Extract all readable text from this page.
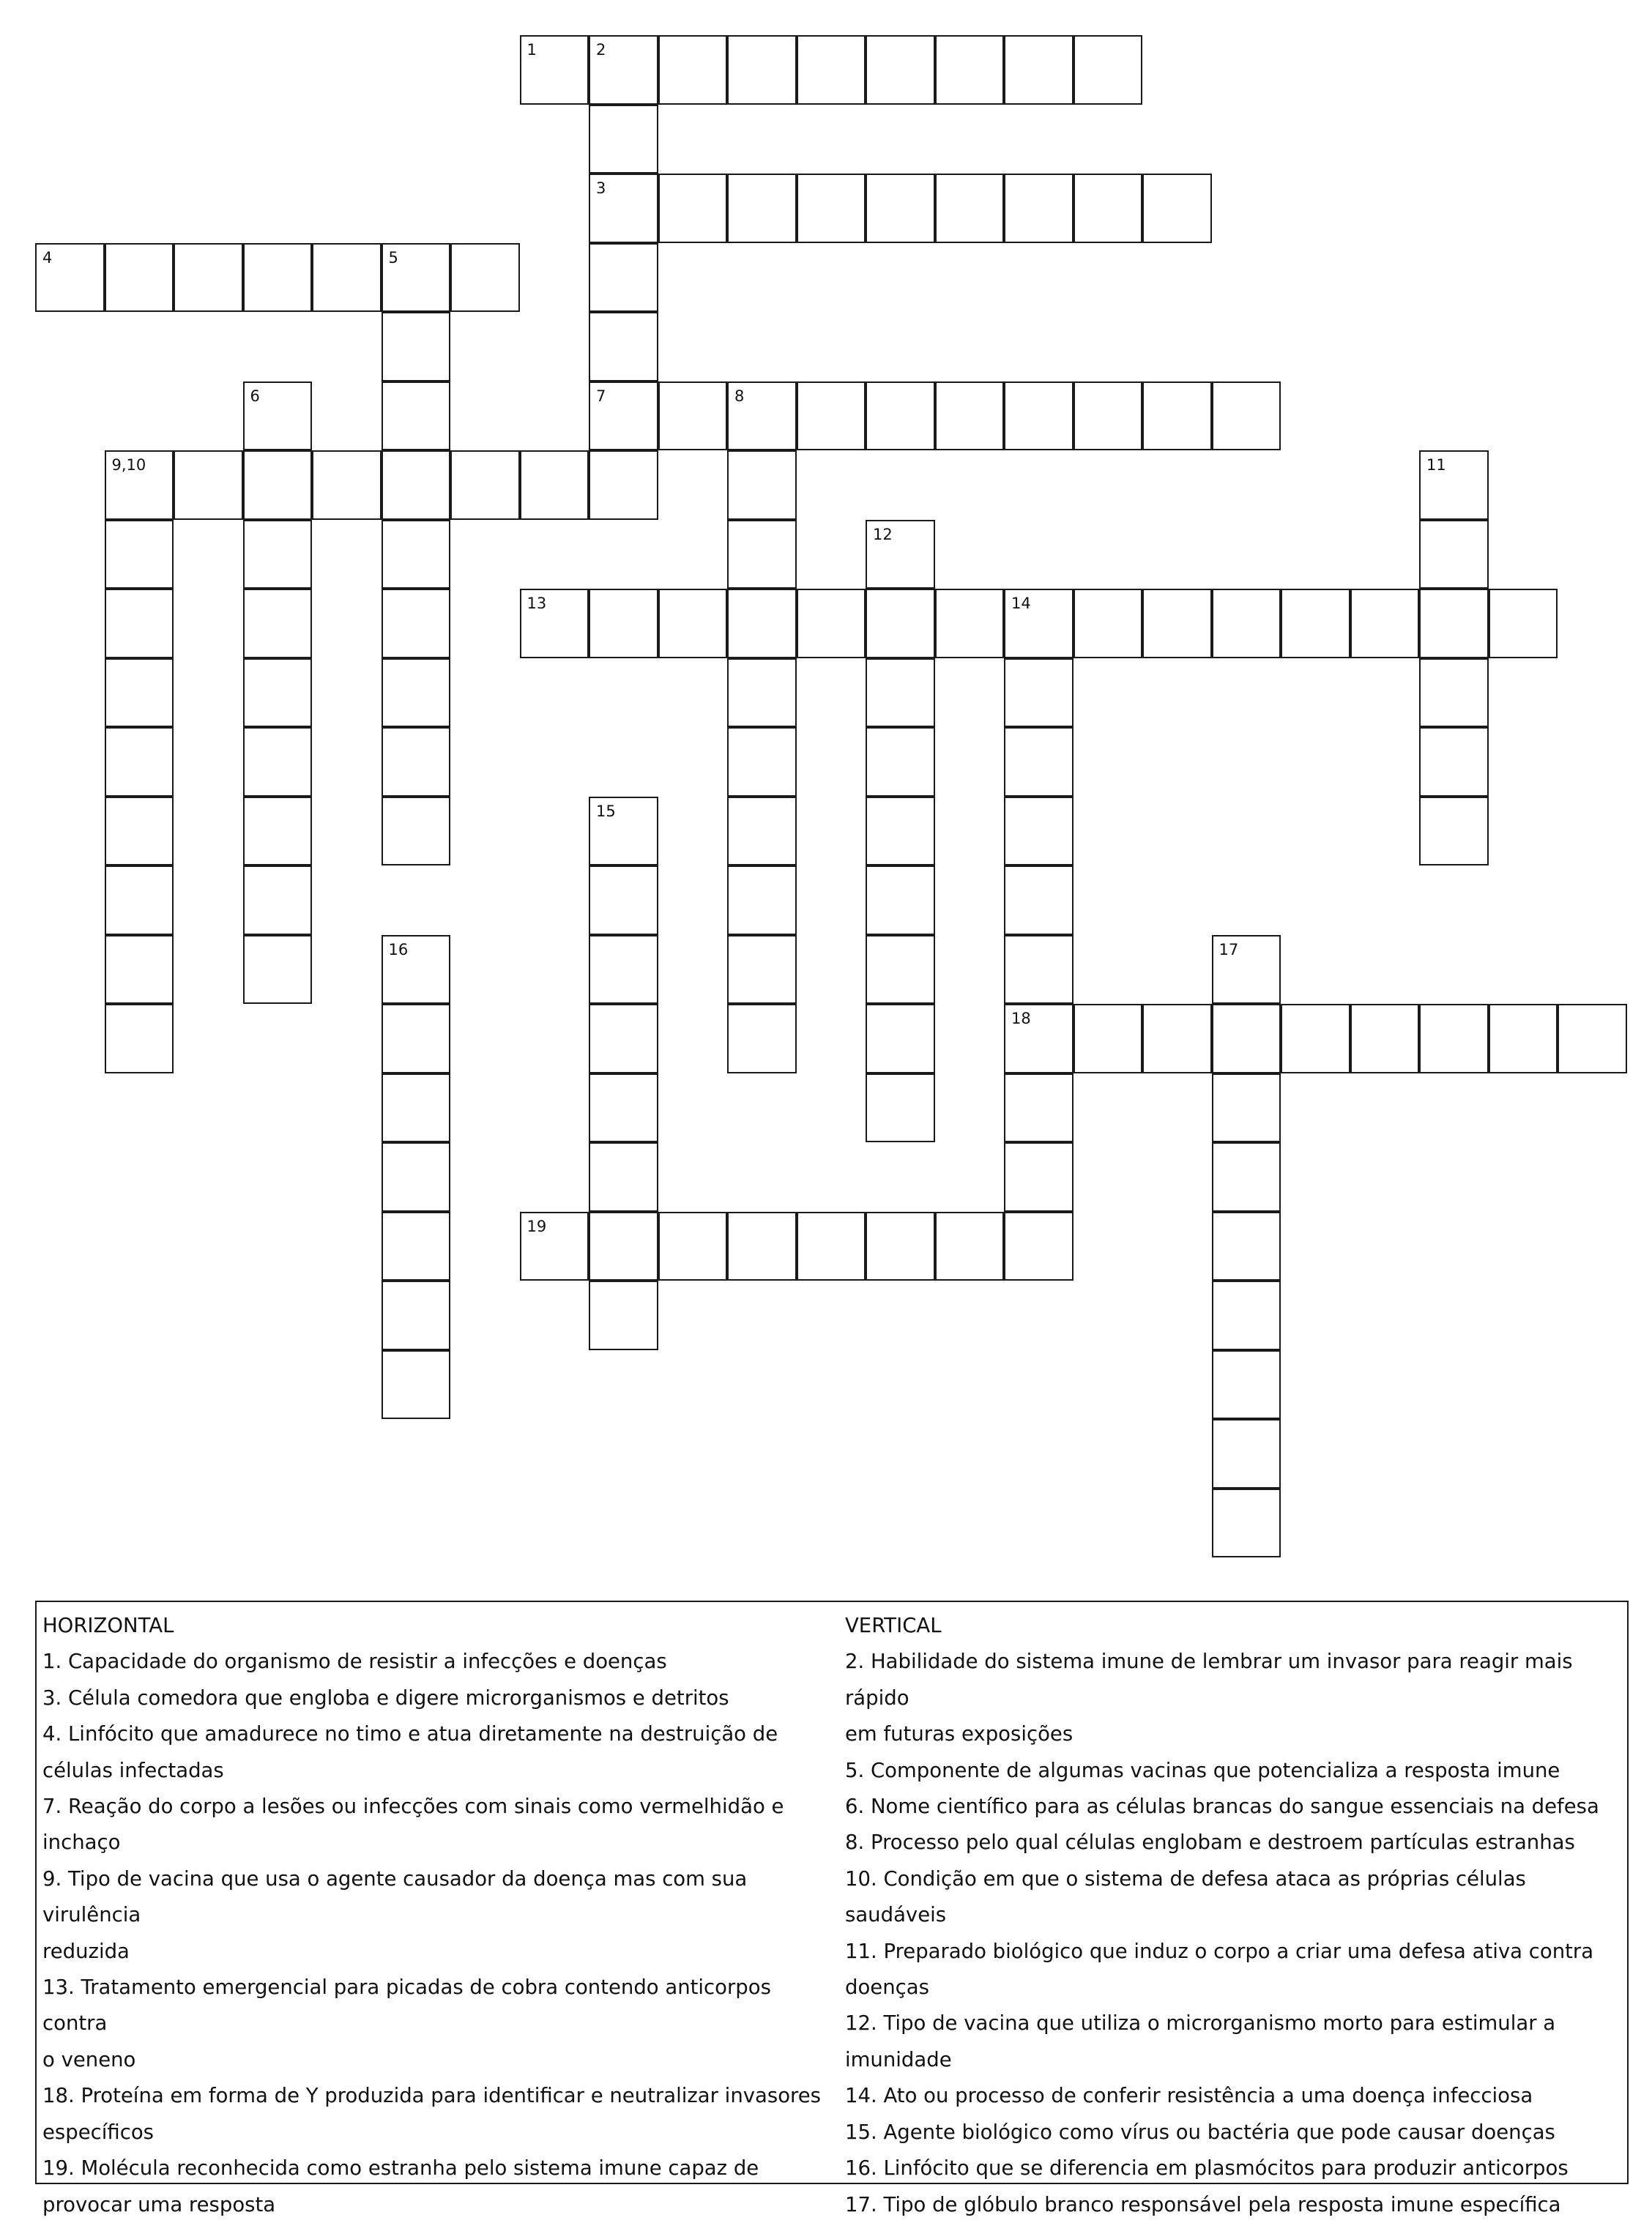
1	2
3
4	5
6	7	8
9,10	11
12
13	14
15
16	17
18
19
HORIZONTAL
1. Capacidade do organismo de resistir a infecções e doenças
3. Célula comedora que engloba e digere microrganismos e detritos
4. Linfócito que amadurece no timo e atua diretamente na destruição de
células infectadas
7. Reação do corpo a lesões ou infecções com sinais como vermelhidão e
inchaço
9. Tipo de vacina que usa o agente causador da doença mas com sua virulência
reduzida
13. Tratamento emergencial para picadas de cobra contendo anticorpos contra
o veneno
18. Proteína em forma de Y produzida para identificar e neutralizar invasores
específicos
19. Molécula reconhecida como estranha pelo sistema imune capaz de
provocar uma resposta
VERTICAL
2. Habilidade do sistema imune de lembrar um invasor para reagir mais rápido
em futuras exposições
5. Componente de algumas vacinas que potencializa a resposta imune
6. Nome científico para as células brancas do sangue essenciais na defesa
8. Processo pelo qual células englobam e destroem partículas estranhas
10. Condição em que o sistema de defesa ataca as próprias células saudáveis
11. Preparado biológico que induz o corpo a criar uma defesa ativa contra
doenças
12. Tipo de vacina que utiliza o microrganismo morto para estimular a
imunidade
14. Ato ou processo de conferir resistência a uma doença infecciosa
15. Agente biológico como vírus ou bactéria que pode causar doenças
16. Linfócito que se diferencia em plasmócitos para produzir anticorpos
17. Tipo de glóbulo branco responsável pela resposta imune específica
